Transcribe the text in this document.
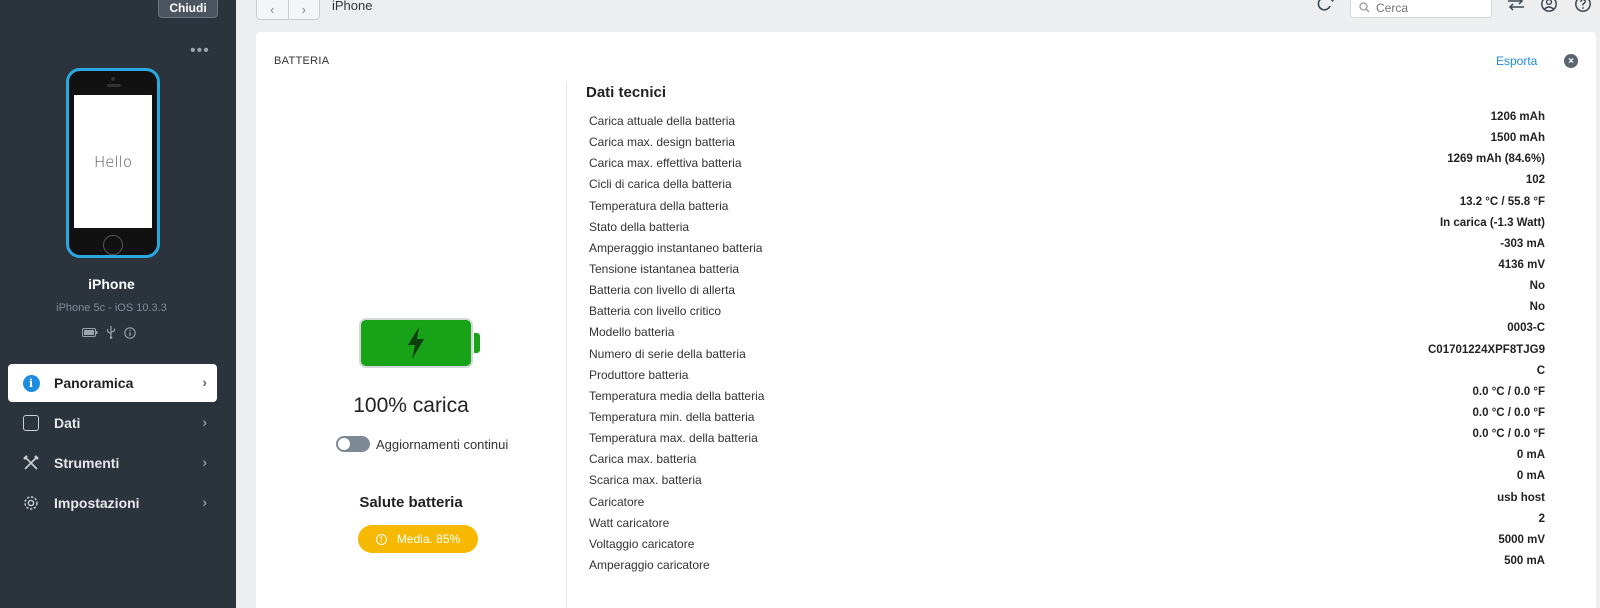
Chiudi
•••
Hello
iPhone
iPhone 5c - iOS 10.3.3
i	Panoramica	›
Dati	›
Strumenti	›
Impostazioni	›
‹	›	iPhone
Cerca
BATTERIA	Esporta	×
100% carica
Aggiornamenti continui
Salute batteria
!	Media. 85%
Dati tecnici
Carica attuale della batteria	1206 mAh
Carica max. design batteria	1500 mAh
Carica max. effettiva batteria	1269 mAh (84.6%)
Cicli di carica della batteria	102
Temperatura della batteria	13.2 °C / 55.8 °F
Stato della batteria	In carica (-1.3 Watt)
Amperaggio instantaneo batteria	-303 mA
Tensione istantanea batteria	4136 mV
Batteria con livello di allerta	No
Batteria con livello critico	No
Modello batteria	0003-C
Numero di serie della batteria	C01701224XPF8TJG9
Produttore batteria	C
Temperatura media della batteria	0.0 °C / 0.0 °F
Temperatura min. della batteria	0.0 °C / 0.0 °F
Temperatura max. della batteria	0.0 °C / 0.0 °F
Carica max. batteria	0 mA
Scarica max. batteria	0 mA
Caricatore	usb host
Watt caricatore	2
Voltaggio caricatore	5000 mV
Amperaggio caricatore	500 mA
